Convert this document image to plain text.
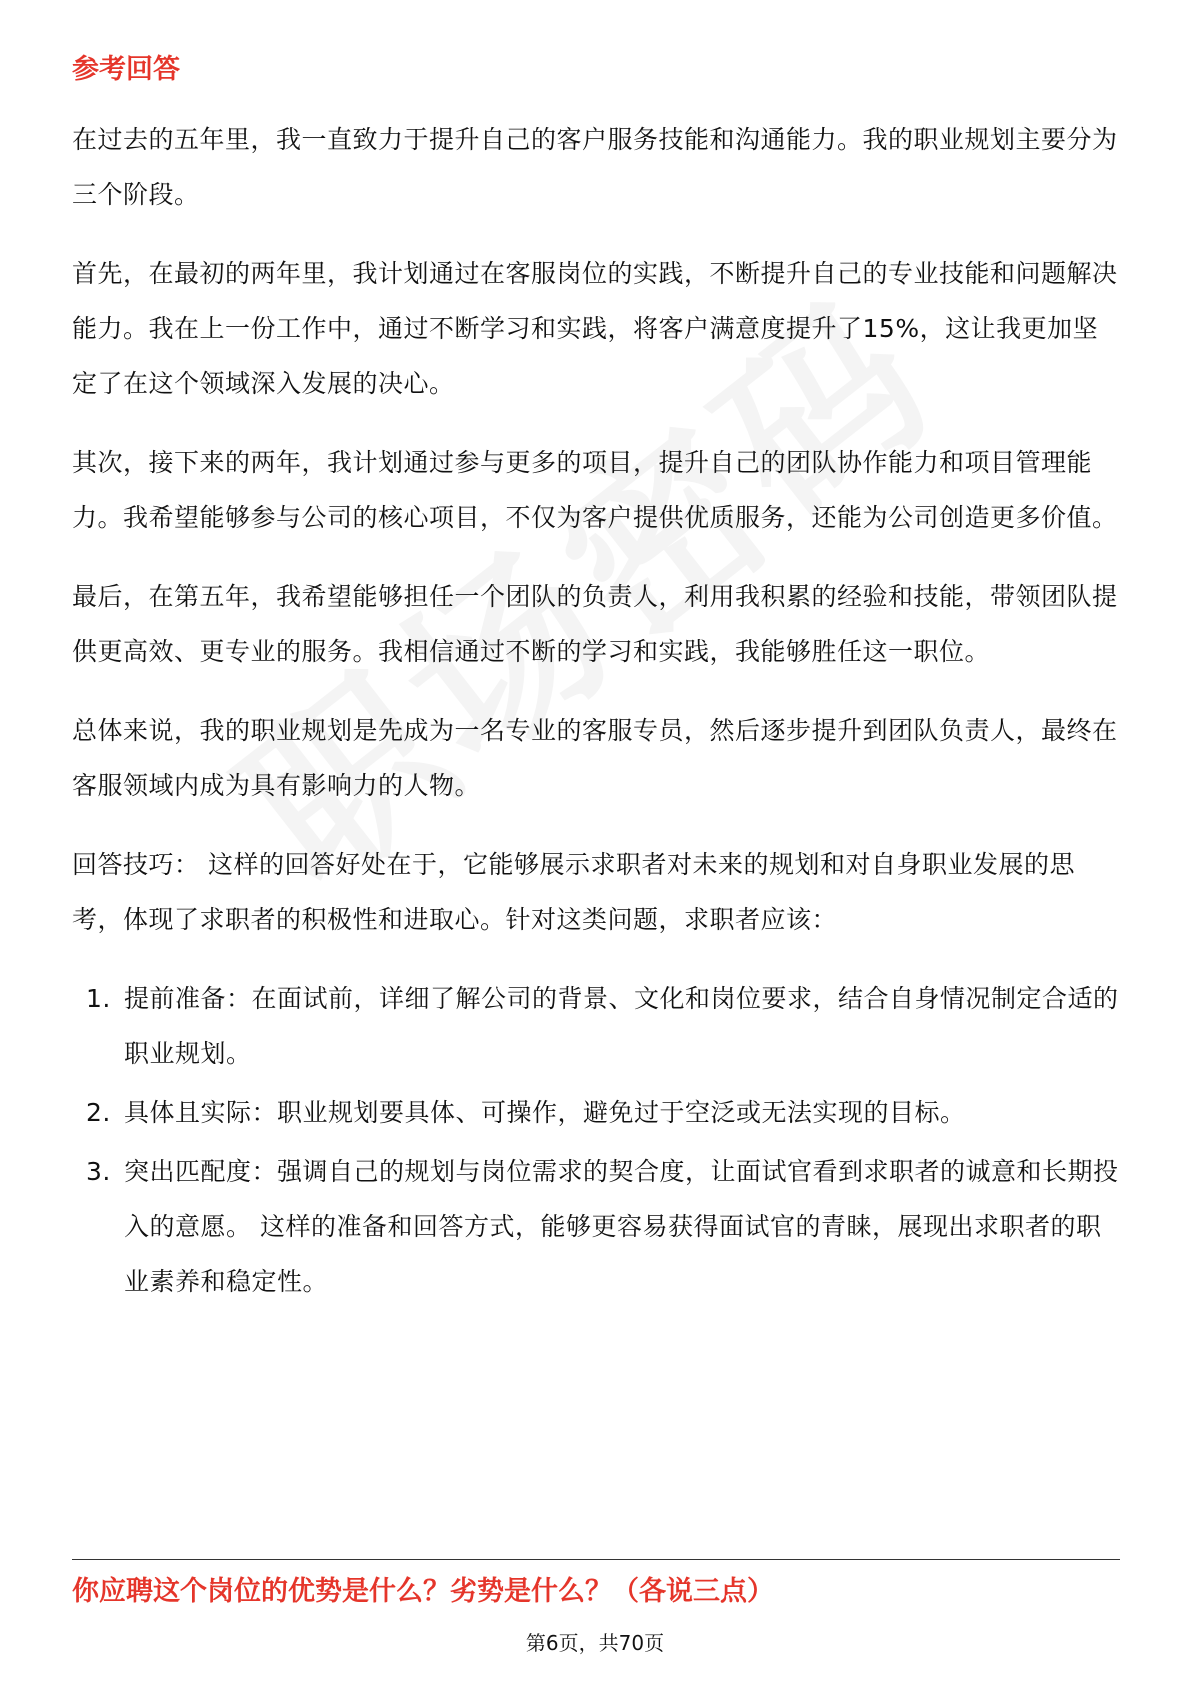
参考回答

在过去的五年里，我一直致力于提升自己的客户服务技能和沟通能力。我的职业规划主要分为三个阶段。

首先，在最初的两年里，我计划通过在客服岗位的实践，不断提升自己的专业技能和问题解决能力。我在上一份工作中，通过不断学习和实践，将客户满意度提升了15%，这让我更加坚定了在这个领域深入发展的决心。

其次，接下来的两年，我计划通过参与更多的项目，提升自己的团队协作能力和项目管理能力。我希望能够参与公司的核心项目，不仅为客户提供优质服务，还能为公司创造更多价值。

最后，在第五年，我希望能够担任一个团队的负责人，利用我积累的经验和技能，带领团队提供更高效、更专业的服务。我相信通过不断的学习和实践，我能够胜任这一职位。

总体来说，我的职业规划是先成为一名专业的客服专员，然后逐步提升到团队负责人，最终在客服领域内成为具有影响力的人物。

回答技巧： 这样的回答好处在于，它能够展示求职者对未来的规划和对自身职业发展的思考，体现了求职者的积极性和进取心。针对这类问题，求职者应该：

1. 提前准备：在面试前，详细了解公司的背景、文化和岗位要求，结合自身情况制定合适的职业规划。
2. 具体且实际：职业规划要具体、可操作，避免过于空泛或无法实现的目标。
3. 突出匹配度：强调自己的规划与岗位需求的契合度，让面试官看到求职者的诚意和长期投入的意愿。 这样的准备和回答方式，能够更容易获得面试官的青睐，展现出求职者的职业素养和稳定性。
你应聘这个岗位的优势是什么？劣势是什么？（各说三点）
第6页，共70页
